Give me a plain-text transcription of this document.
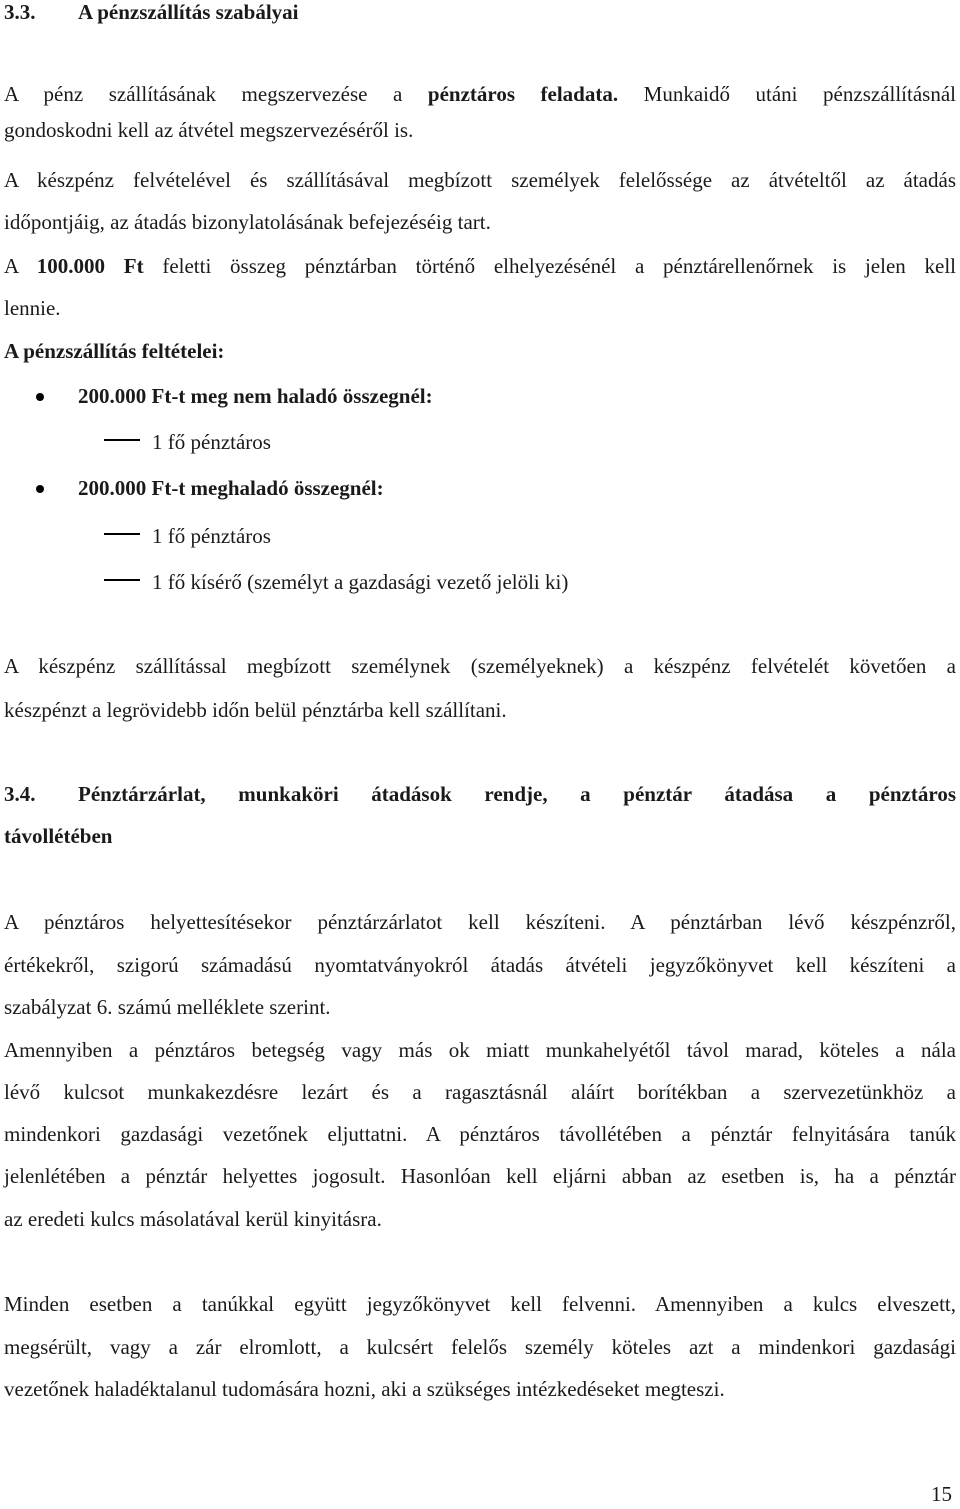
3.3. A pénzszállítás szabályai
A pénz szállításának megszervezése a pénztáros feladata. Munkaidő utáni pénzszállításnál
gondoskodni kell az átvétel megszervezéséről is.
A készpénz felvételével és szállításával megbízott személyek felelőssége az átvételtől az átadás
időpontjáig, az átadás bizonylatolásának befejezéséig tart.
A 100.000 Ft feletti összeg pénztárban történő elhelyezésénél a pénztárellenőrnek is jelen kell
lennie.
A pénzszállítás feltételei:
200.000 Ft-t meg nem haladó összegnél:
1 fő pénztáros
200.000 Ft-t meghaladó összegnél:
1 fő pénztáros
1 fő kísérő (személyt a gazdasági vezető jelöli ki)
A készpénz szállítással megbízott személynek (személyeknek) a készpénz felvételét követően a
készpénzt a legrövidebb időn belül pénztárba kell szállítani.
3.4. Pénztárzárlat, munkaköri átadások rendje, a pénztár átadása a pénztáros
távollétében
A pénztáros helyettesítésekor pénztárzárlatot kell készíteni. A pénztárban lévő készpénzről,
értékekről, szigorú számadású nyomtatványokról átadás átvételi jegyzőkönyvet kell készíteni a
szabályzat 6. számú melléklete szerint.
Amennyiben a pénztáros betegség vagy más ok miatt munkahelyétől távol marad, köteles a nála
lévő kulcsot munkakezdésre lezárt és a ragasztásnál aláírt borítékban a szervezetünkhöz a
mindenkori gazdasági vezetőnek eljuttatni. A pénztáros távollétében a pénztár felnyitására tanúk
jelenlétében a pénztár helyettes jogosult. Hasonlóan kell eljárni abban az esetben is, ha a pénztár
az eredeti kulcs másolatával kerül kinyitásra.
Minden esetben a tanúkkal együtt jegyzőkönyvet kell felvenni. Amennyiben a kulcs elveszett,
megsérült, vagy a zár elromlott, a kulcsért felelős személy köteles azt a mindenkori gazdasági
vezetőnek haladéktalanul tudomására hozni, aki a szükséges intézkedéseket megteszi.
15
